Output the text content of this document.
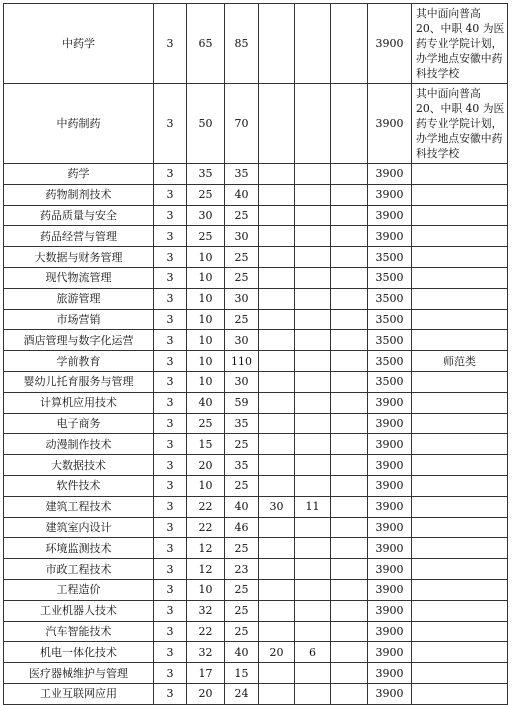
中药学	3	65	85				3900	其中面向普高 20、中职 40 为医药专业学院计划，办学地点安徽中药科技学校
中药制药	3	50	70				3900	其中面向普高 20、中职 40 为医药专业学院计划，办学地点安徽中药科技学校
药学	3	35	35				3900	
药物制剂技术	3	25	40				3900	
药品质量与安全	3	30	25				3900	
药品经营与管理	3	25	30				3900	
大数据与财务管理	3	10	25				3500	
现代物流管理	3	10	25				3500	
旅游管理	3	10	30				3500	
市场营销	3	10	25				3500	
酒店管理与数字化运营	3	10	30				3500	
学前教育	3	10	110				3500	师范类
婴幼儿托育服务与管理	3	10	30				3500	
计算机应用技术	3	40	59				3900	
电子商务	3	25	35				3900	
动漫制作技术	3	15	25				3900	
大数据技术	3	20	35				3900	
软件技术	3	10	25				3900	
建筑工程技术	3	22	40	30	11		3900	
建筑室内设计	3	22	46				3900	
环境监测技术	3	12	25				3900	
市政工程技术	3	12	23				3900	
工程造价	3	10	25				3900	
工业机器人技术	3	32	25				3900	
汽车智能技术	3	22	25				3900	
机电一体化技术	3	32	40	20	6		3900	
医疗器械维护与管理	3	17	15				3900	
工业互联网应用	3	20	24				3900	
